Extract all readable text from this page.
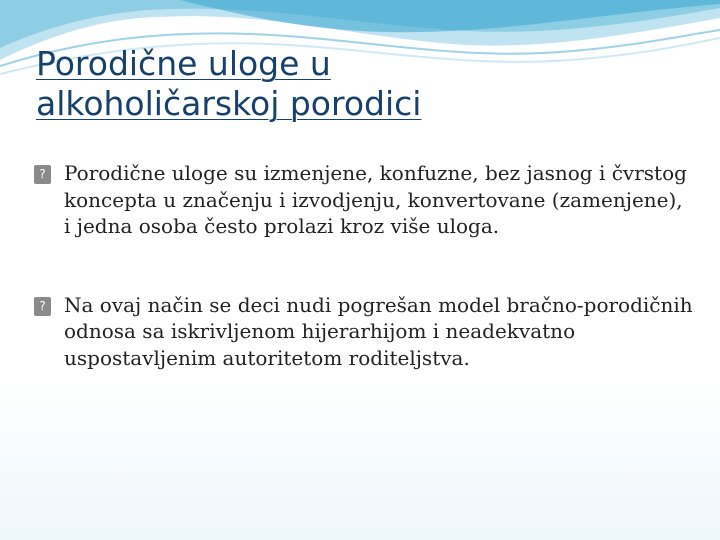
Porodične uloge u
alkoholičarskoj porodici
? Porodične uloge su izmenjene, konfuzne, bez jasnog i čvrstog koncepta u značenju i izvodjenju, konvertovane (zamenjene), i jedna osoba često prolazi kroz više uloga.
? Na ovaj način se deci nudi pogrešan model bračno-porodičnih odnosa sa iskrivljenom hijerarhijom i neadekvatno uspostavljenim autoritetom roditeljstva.
